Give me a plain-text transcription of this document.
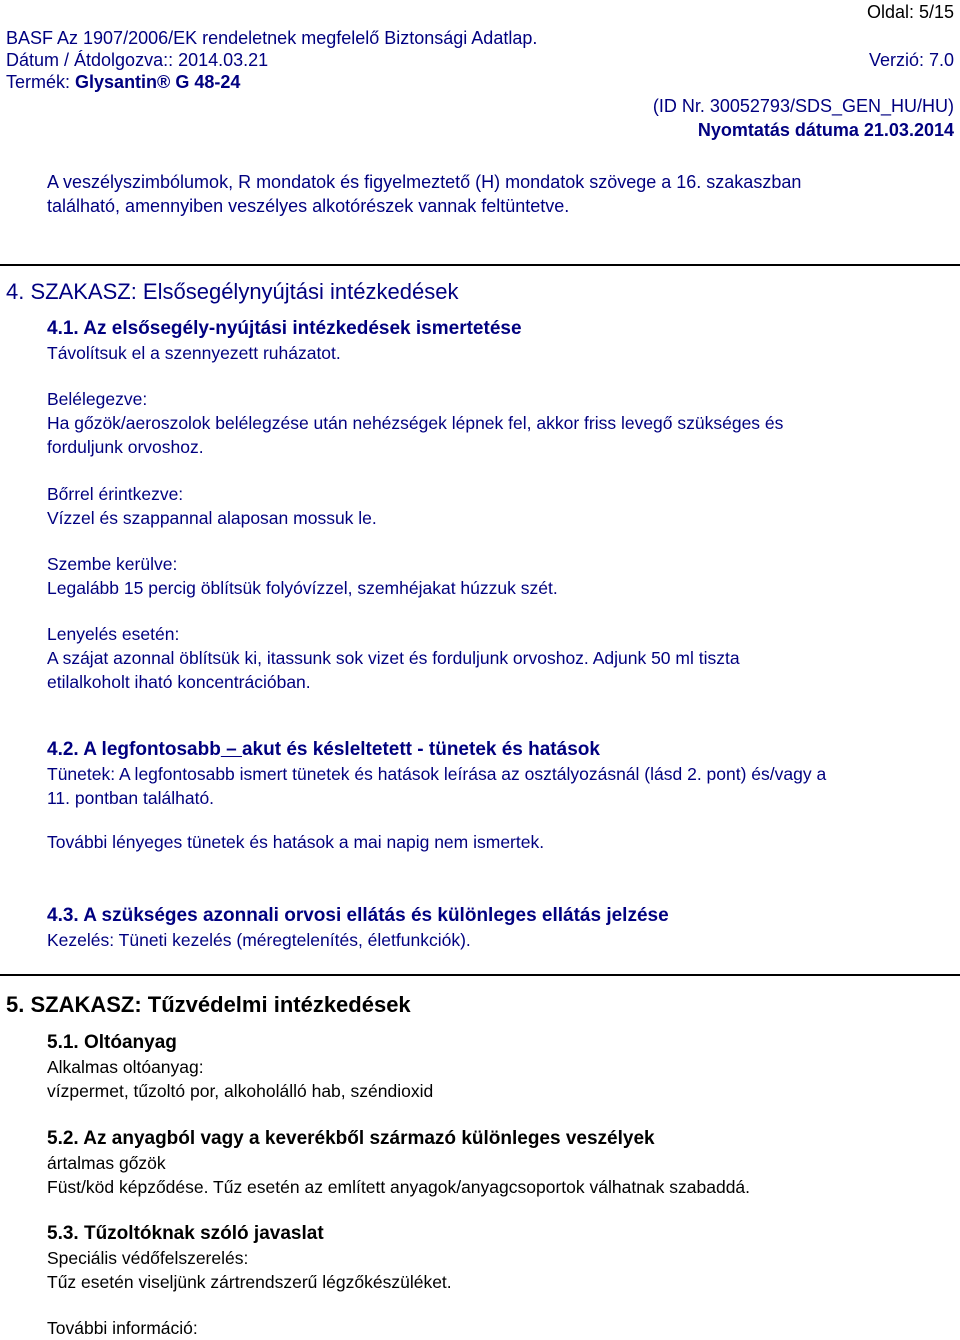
Oldal: 5/15
BASF Az 1907/2006/EK rendeletnek megfelelő Biztonsági Adatlap.
Dátum / Átdolgozva:: 2014.03.21	Verzió: 7.0
Termék: Glysantin® G 48-24
(ID Nr. 30052793/SDS_GEN_HU/HU)
Nyomtatás dátuma 21.03.2014

A veszélyszimbólumok, R mondatok és figyelmeztető (H) mondatok szövege a 16. szakaszban

található, amennyiben veszélyes alkotórészek vannak feltüntetve.

4. SZAKASZ: Elsősegélynyújtási intézkedések

4.1. Az elsősegély-nyújtási intézkedések ismertetése

Távolítsuk el a szennyezett ruházatot.

Belélegezve:

Ha gőzök/aeroszolok belélegzése után nehézségek lépnek fel, akkor friss levegő szükséges és

forduljunk orvoshoz.

Bőrrel érintkezve:

Vízzel és szappannal alaposan mossuk le.

Szembe kerülve:

Legalább 15 percig öblítsük folyóvízzel, szemhéjakat húzzuk szét.

Lenyelés esetén:

A szájat azonnal öblítsük ki, itassunk sok vizet és forduljunk orvoshoz. Adjunk 50 ml tiszta

etilalkoholt iható koncentrációban.

4.2. A legfontosabb – akut és késleltetett - tünetek és hatások

Tünetek: A legfontosabb ismert tünetek és hatások leírása az osztályozásnál (lásd 2. pont) és/vagy a

11. pontban található.

További lényeges tünetek és hatások a mai napig nem ismertek.

4.3. A szükséges azonnali orvosi ellátás és különleges ellátás jelzése

Kezelés: Tüneti kezelés (méregtelenítés, életfunkciók).

5. SZAKASZ: Tűzvédelmi intézkedések

5.1. Oltóanyag

Alkalmas oltóanyag:

vízpermet, tűzoltó por, alkoholálló hab, széndioxid

5.2. Az anyagból vagy a keverékből származó különleges veszélyek

ártalmas gőzök

Füst/köd képződése. Tűz esetén az említett anyagok/anyagcsoportok válhatnak szabaddá.

5.3. Tűzoltóknak szóló javaslat

Speciális védőfelszerelés:

Tűz esetén viseljünk zártrendszerű légzőkészüléket.

További információ:
